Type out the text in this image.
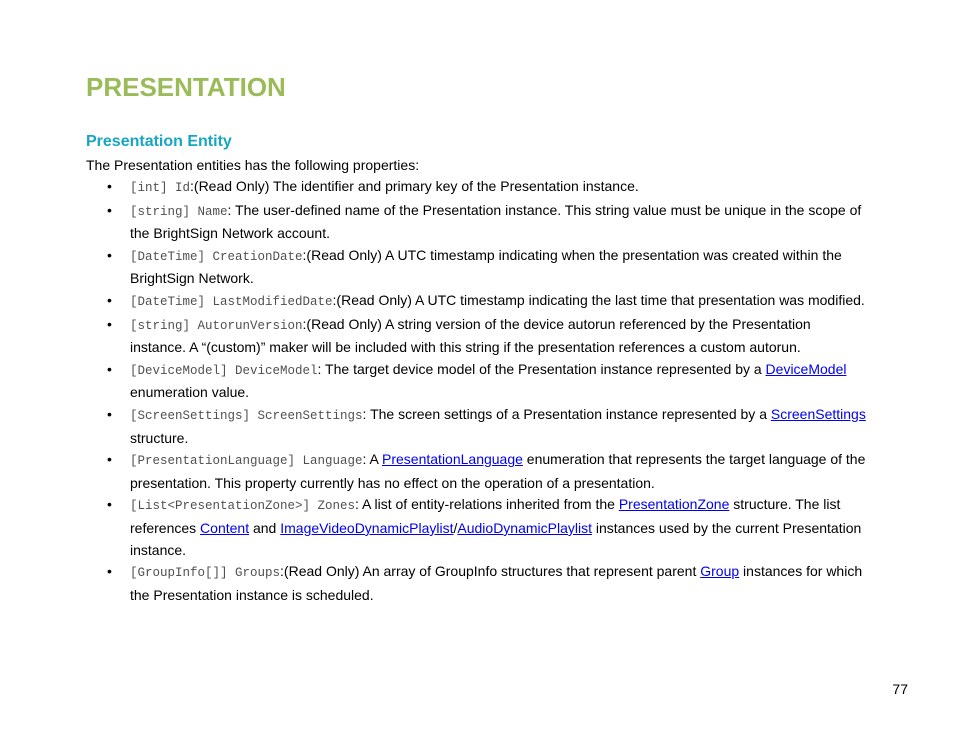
PRESENTATION
Presentation Entity

The Presentation entities has the following properties:

• [int] Id:(Read Only) The identifier and primary key of the Presentation instance.
• [string] Name: The user-defined name of the Presentation instance. This string value must be unique in the scope of the BrightSign Network account.
• [DateTime] CreationDate:(Read Only) A UTC timestamp indicating when the presentation was created within the BrightSign Network.
• [DateTime] LastModifiedDate:(Read Only) A UTC timestamp indicating the last time that presentation was modified.
• [string] AutorunVersion:(Read Only) A string version of the device autorun referenced by the Presentation instance. A “(custom)” maker will be included with this string if the presentation references a custom autorun.
• [DeviceModel] DeviceModel: The target device model of the Presentation instance represented by a DeviceModel enumeration value.
• [ScreenSettings] ScreenSettings: The screen settings of a Presentation instance represented by a ScreenSettings structure.
• [PresentationLanguage] Language: A PresentationLanguage enumeration that represents the target language of the presentation. This property currently has no effect on the operation of a presentation.
• [List<PresentationZone>] Zones: A list of entity-relations inherited from the PresentationZone structure. The list references Content and ImageVideoDynamicPlaylist/AudioDynamicPlaylist instances used by the current Presentation instance.
• [GroupInfo[]] Groups:(Read Only) An array of GroupInfo structures that represent parent Group instances for which the Presentation instance is scheduled.
77
